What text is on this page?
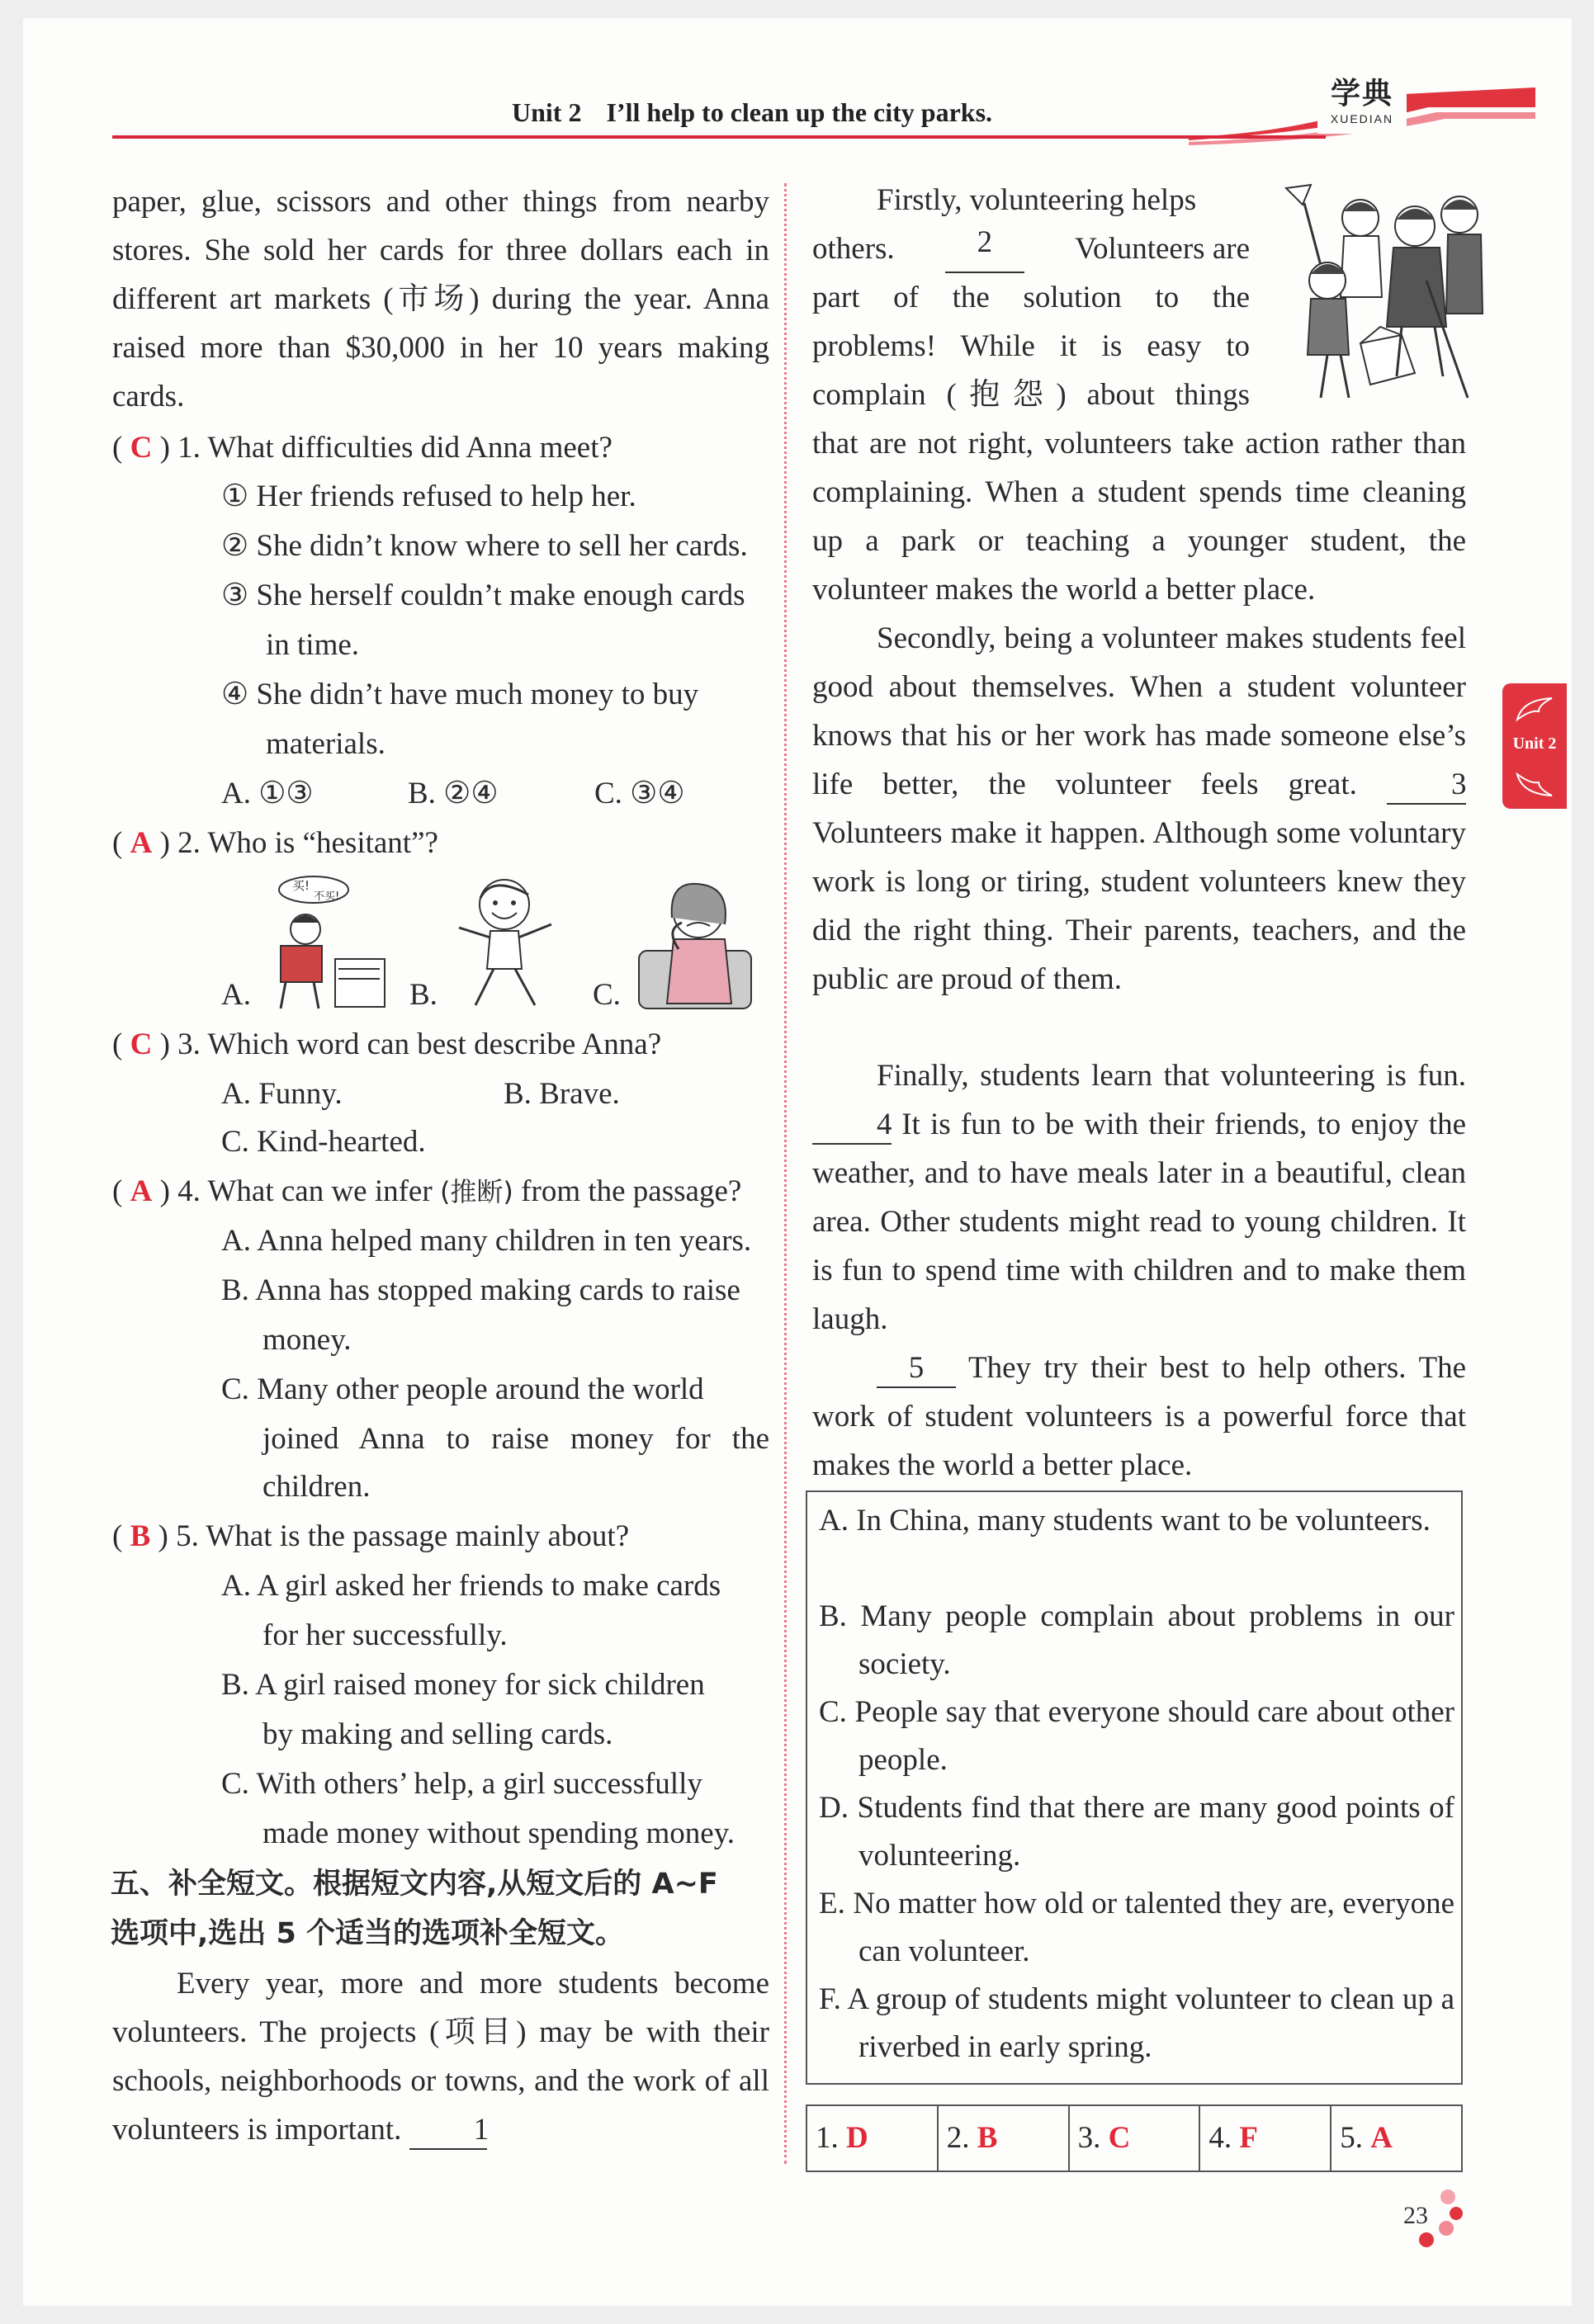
Unit 2 I’ll help to clean up the city parks.
学典
XUEDIAN
Unit 2
paper, glue, scissors and other things from nearby stores. She sold her cards for three dollars each in different art markets (市场) during the year. Anna raised more than $30,000 in her 10 years making cards.
( C ) 1. What difficulties did Anna meet?
① Her friends refused to help her.
② She didn’t know where to sell her cards.
③ She herself couldn’t make enough cards
in time.
④ She didn’t have much money to buy
materials.
A. ①③	B. ②④	C. ③④
( A ) 2. Who is “hesitant”?
A.
买!
不买!
B.	C.
( C ) 3. Which word can best describe Anna?
A. Funny.	B. Brave.
C. Kind-hearted.
( A ) 4. What can we infer (推断) from the passage?
A. Anna helped many children in ten years.
B. Anna has stopped making cards to raise
money.
C. Many other people around the world
joined Anna to raise money for the
children.
( B ) 5. What is the passage mainly about?
A. A girl asked her friends to make cards
for her successfully.
B. A girl raised money for sick children
by making and selling cards.
C. With others’ help, a girl successfully
made money without spending money.
五、补全短文。根据短文内容,从短文后的 A~F
选项中,选出 5 个适当的选项补全短文。
Every year, more and more students become volunteers. The projects (项目) may be with their schools, neighborhoods or towns, and the work of all volunteers is important. 1
Firstly, volunteering helps
others.	2	Volunteers are
part of the solution to the
problems! While it is easy to
complain (抱怨) about things
that are not right, volunteers take action rather than complaining. When a student spends time cleaning up a park or teaching a younger student, the volunteer makes the world a better place.
Secondly, being a volunteer makes students feel good about themselves. When a student volunteer knows that his or her work has made someone else’s life better, the volunteer feels great.	3 Volunteers make it happen. Although some voluntary work is long or tiring, student volunteers knew they did the right thing. Their parents, teachers, and the public are proud of them.
Finally, students learn that volunteering is fun. 4 It is fun to be with their friends, to enjoy the weather, and to have meals later in a beautiful, clean area. Other students might read to young children. It is fun to spend time with children and to make them laugh.
5 They try their best to help others. The work of student volunteers is a powerful force that makes the world a better place.
A. In China, many students want to be volunteers.
B. Many people complain about problems in our society.
C. People say that everyone should care about other people.
D. Students find that there are many good points of volunteering.
E. No matter how old or talented they are, everyone can volunteer.
F. A group of students might volunteer to clean up a riverbed in early spring.
1. D	2. B	3. C	4. F	5. A
23
